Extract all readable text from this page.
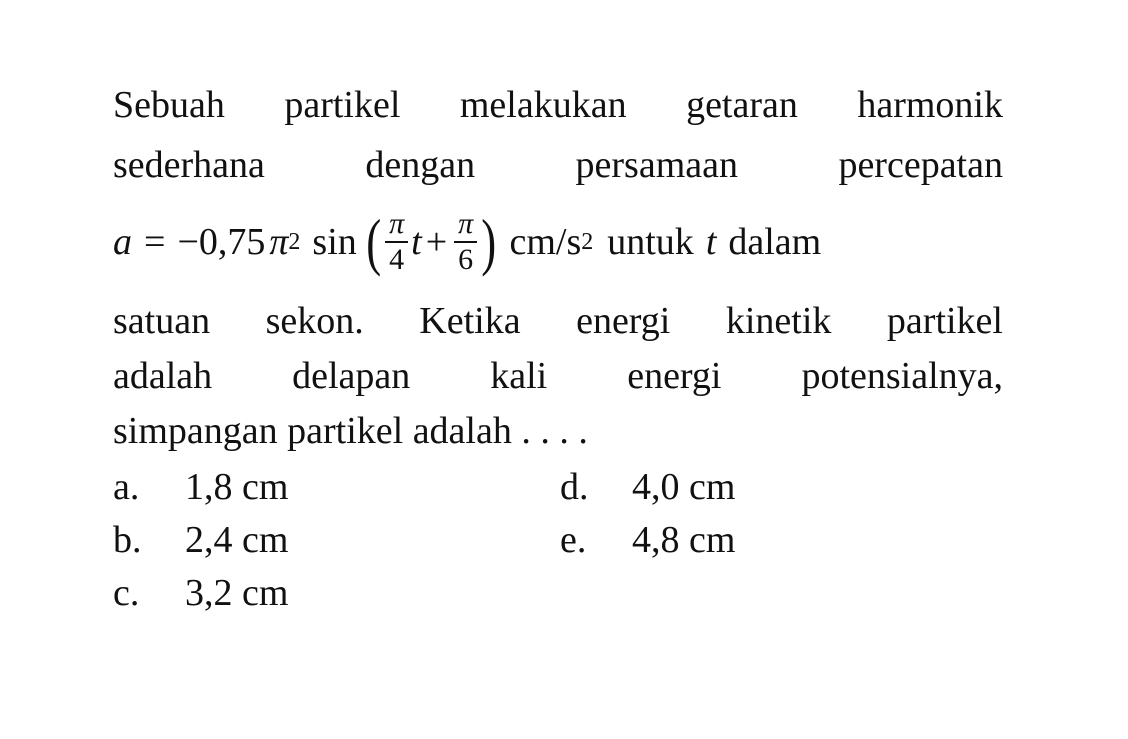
Sebuah partikel melakukan getaran harmonik
sederhana	dengan	persamaan	percepatan
a = −0,75 π 2 sin ( $\frac{\pi}{4}$ $t + \frac{\pi}{6}$ ) cm/s 2 untuk t dalam
satuan sekon. Ketika energi kinetik partikel
adalah delapan kali energi potensialnya,
simpangan partikel adalah . . . .
a. 1,8 cm
b. 2,4 cm
c. 3,2 cm
d. 4,0 cm
e. 4,8 cm
